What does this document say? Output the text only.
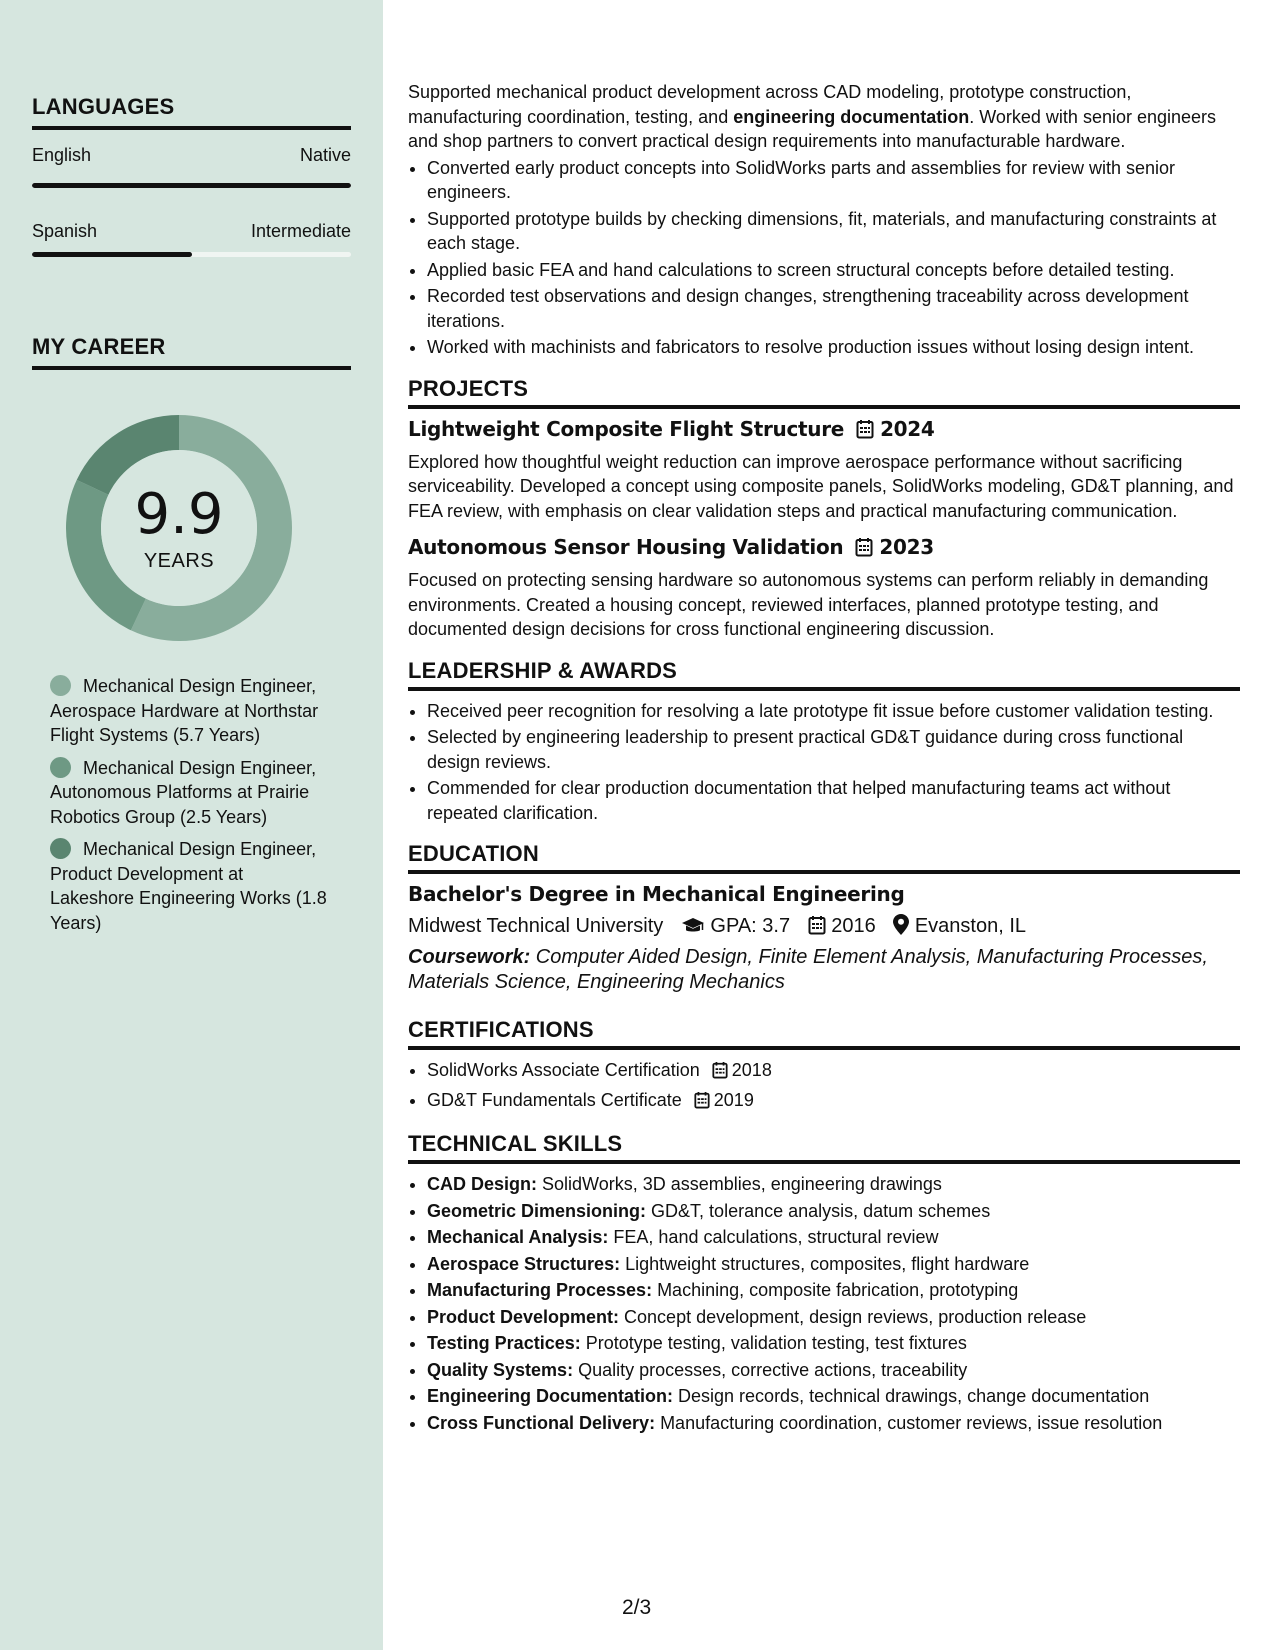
LANGUAGES
English	Native
Spanish	Intermediate
MY CAREER
9.9
YEARS
Mechanical Design Engineer, Aerospace Hardware at Northstar Flight Systems (5.7 Years)
Mechanical Design Engineer, Autonomous Platforms at Prairie Robotics Group (2.5 Years)
Mechanical Design Engineer, Product Development at Lakeshore Engineering Works (1.8 Years)

Supported mechanical product development across CAD modeling, prototype construction, manufacturing coordination, testing, and engineering documentation. Worked with senior engineers and shop partners to convert practical design requirements into manufacturable hardware.

• Converted early product concepts into SolidWorks parts and assemblies for review with senior engineers.
• Supported prototype builds by checking dimensions, fit, materials, and manufacturing constraints at each stage.
• Applied basic FEA and hand calculations to screen structural concepts before detailed testing.
• Recorded test observations and design changes, strengthening traceability across development iterations.
• Worked with machinists and fabricators to resolve production issues without losing design intent.
PROJECTS
Lightweight Composite Flight Structure 2024

Explored how thoughtful weight reduction can improve aerospace performance without sacrificing serviceability. Developed a concept using composite panels, SolidWorks modeling, GD&T planning, and FEA review, with emphasis on clear validation steps and practical manufacturing communication.

Autonomous Sensor Housing Validation 2023

Focused on protecting sensing hardware so autonomous systems can perform reliably in demanding environments. Created a housing concept, reviewed interfaces, planned prototype testing, and documented design decisions for cross functional engineering discussion.

LEADERSHIP & AWARDS
• Received peer recognition for resolving a late prototype fit issue before customer validation testing.
• Selected by engineering leadership to present practical GD&T guidance during cross functional design reviews.
• Commended for clear production documentation that helped manufacturing teams act without repeated clarification.
EDUCATION
Bachelor's Degree in Mechanical Engineering
Midwest Technical University GPA: 3.7 2016 Evanston, IL

Coursework: Computer Aided Design, Finite Element Analysis, Manufacturing Processes, Materials Science, Engineering Mechanics

CERTIFICATIONS
• SolidWorks Associate Certification 2018
• GD&T Fundamentals Certificate 2019
TECHNICAL SKILLS
• CAD Design: SolidWorks, 3D assemblies, engineering drawings
• Geometric Dimensioning: GD&T, tolerance analysis, datum schemes
• Mechanical Analysis: FEA, hand calculations, structural review
• Aerospace Structures: Lightweight structures, composites, flight hardware
• Manufacturing Processes: Machining, composite fabrication, prototyping
• Product Development: Concept development, design reviews, production release
• Testing Practices: Prototype testing, validation testing, test fixtures
• Quality Systems: Quality processes, corrective actions, traceability
• Engineering Documentation: Design records, technical drawings, change documentation
• Cross Functional Delivery: Manufacturing coordination, customer reviews, issue resolution
2/3
